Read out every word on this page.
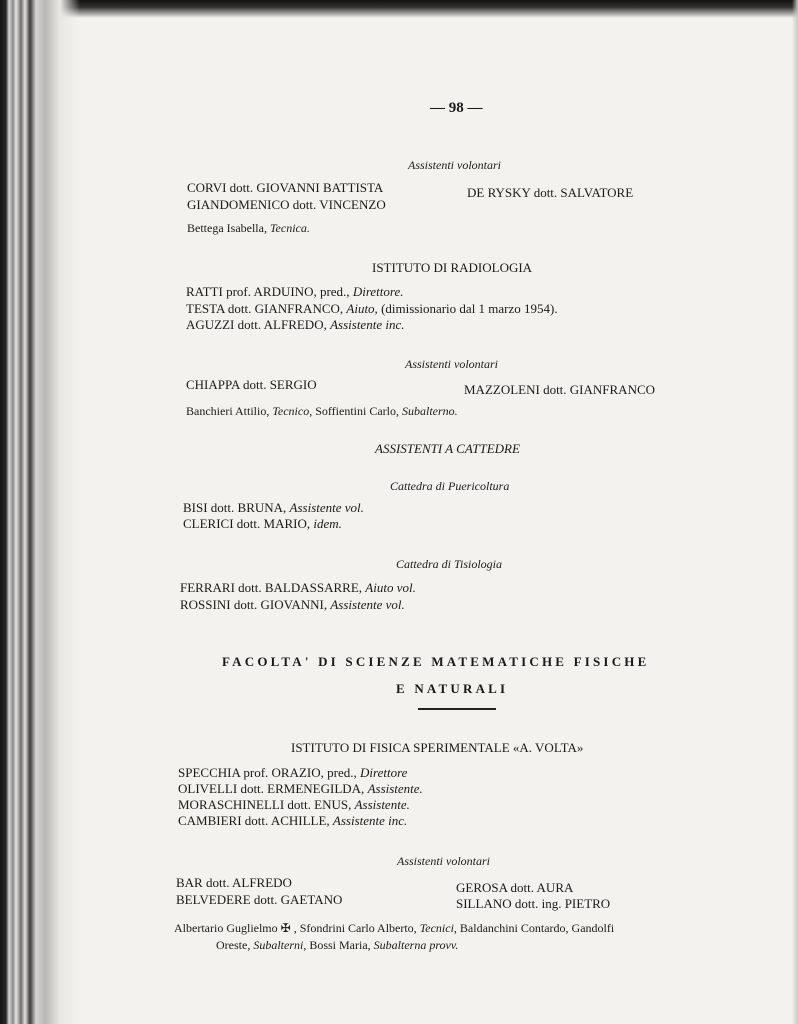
— 98 —
Assistenti volontari
CORVI dott. GIOVANNI BATTISTA	DE RYSKY dott. SALVATORE
GIANDOMENICO dott. VINCENZO
Bettega Isabella, Tecnica.
ISTITUTO DI RADIOLOGIA
RATTI prof. ARDUINO, pred., Direttore.
TESTA dott. GIANFRANCO, Aiuto, (dimissionario dal 1 marzo 1954).
AGUZZI dott. ALFREDO, Assistente inc.
Assistenti volontari
CHIAPPA dott. SERGIO	MAZZOLENI dott. GIANFRANCO
Banchieri Attilio, Tecnico, Soffientini Carlo, Subalterno.
ASSISTENTI A CATTEDRE
Cattedra di Puericoltura
BISI dott. BRUNA, Assistente vol.
CLERICI dott. MARIO, idem.
Cattedra di Tisiologia
FERRARI dott. BALDASSARRE, Aiuto vol.
ROSSINI dott. GIOVANNI, Assistente vol.
FACOLTA' DI SCIENZE MATEMATICHE FISICHE
E NATURALI
ISTITUTO DI FISICA SPERIMENTALE «A. VOLTA»
SPECCHIA prof. ORAZIO, pred., Direttore
OLIVELLI dott. ERMENEGILDA, Assistente.
MORASCHINELLI dott. ENUS, Assistente.
CAMBIERI dott. ACHILLE, Assistente inc.
Assistenti volontari
BAR dott. ALFREDO	GEROSA dott. AURA
BELVEDERE dott. GAETANO	SILLANO dott. ing. PIETRO
Albertario Guglielmo ✠ , Sfondrini Carlo Alberto, Tecnici, Baldanchini Contardo, Gandolfi
Oreste, Subalterni, Bossi Maria, Subalterna provv.
